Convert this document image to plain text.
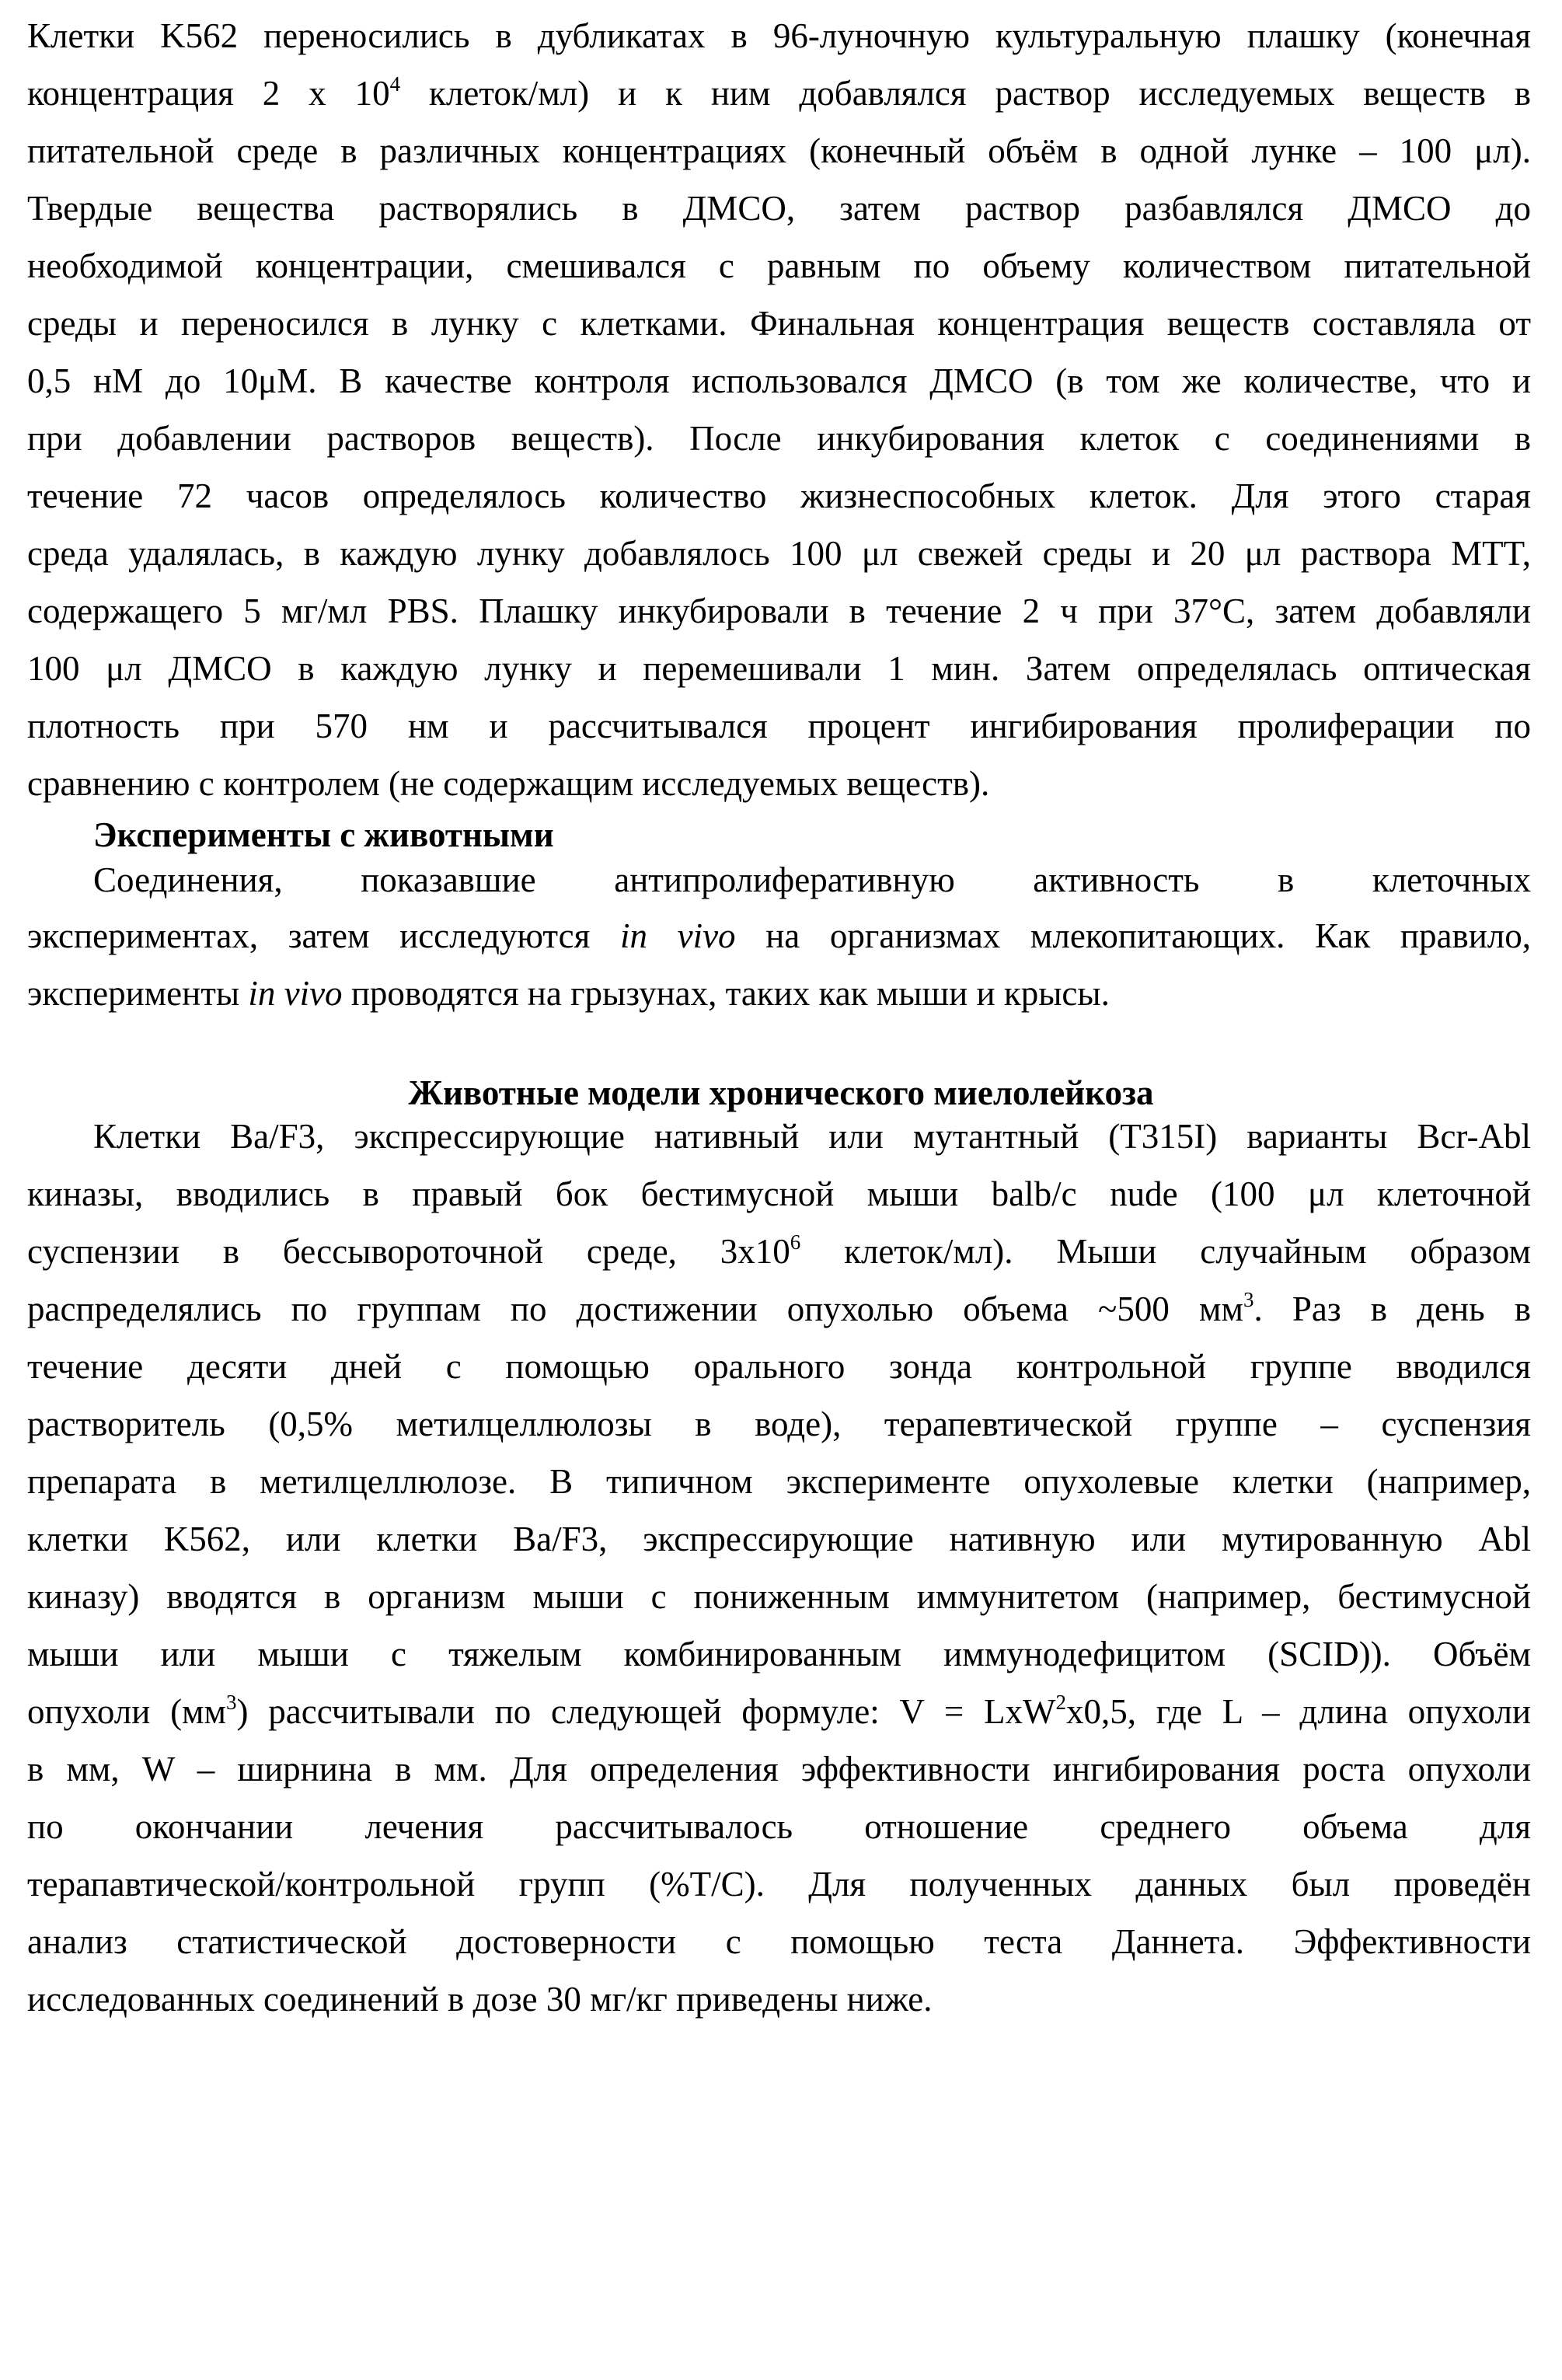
Клетки K562 переносились в дубликатах в 96-луночную культуральную плашку (конечная
концентрация 2 x 104 клеток/мл) и к ним добавлялся раствор исследуемых веществ в
питательной среде в различных концентрациях (конечный объём в одной лунке – 100 μл).
Твердые вещества растворялись в ДМСО, затем раствор разбавлялся ДМСО до
необходимой концентрации, смешивался с равным по объему количеством питательной
среды и переносился в лунку с клетками. Финальная концентрация веществ составляла от
0,5 нМ до 10μМ. В качестве контроля использовался ДМСО (в том же количестве, что и
при добавлении растворов веществ). После инкубирования клеток с соединениями в
течение 72 часов определялось количество жизнеспособных клеток. Для этого старая
среда удалялась, в каждую лунку добавлялось 100 μл свежей среды и 20 μл раствора MTT,
содержащего 5 мг/мл PBS. Плашку инкубировали в течение 2 ч при 37°С, затем добавляли
100 μл ДМСО в каждую лунку и перемешивали 1 мин. Затем определялась оптическая
плотность при 570 нм и рассчитывался процент ингибирования пролиферации по
сравнению с контролем (не содержащим исследуемых веществ).
Эксперименты с животными
Соединения, показавшие антипролиферативную активность в клеточных
экспериментах, затем исследуются in vivo на организмах млекопитающих. Как правило,
эксперименты in vivo проводятся на грызунах, таких как мыши и крысы.
Животные модели хронического миелолейкоза
Клетки Ba/F3, экспрессирующие нативный или мутантный (T315I) варианты Bcr-Abl
киназы, вводились в правый бок бестимусной мыши balb/c nude (100 μл клеточной
суспензии в бессывороточной среде, 3x106 клеток/мл). Мыши случайным образом
распределялись по группам по достижении опухолью объема ~500 мм3. Раз в день в
течение десяти дней с помощью орального зонда контрольной группе вводился
растворитель (0,5% метилцеллюлозы в воде), терапевтической группе – суспензия
препарата в метилцеллюлозе. В типичном эксперименте опухолевые клетки (например,
клетки K562, или клетки Ba/F3, экспрессирующие нативную или мутированную Abl
киназу) вводятся в организм мыши с пониженным иммунитетом (например, бестимусной
мыши или мыши с тяжелым комбинированным иммунодефицитом (SCID)). Объём
опухоли (мм3) рассчитывали по следующей формуле: V = LxW2x0,5, где L – длина опухоли
в мм, W – ширнина в мм. Для определения эффективности ингибирования роста опухоли
по окончании лечения рассчитывалось отношение среднего объема для
терапавтической/контрольной групп (%T/C). Для полученных данных был проведён
анализ статистической достоверности с помощью теста Даннета. Эффективности
исследованных соединений в дозе 30 мг/кг приведены ниже.
